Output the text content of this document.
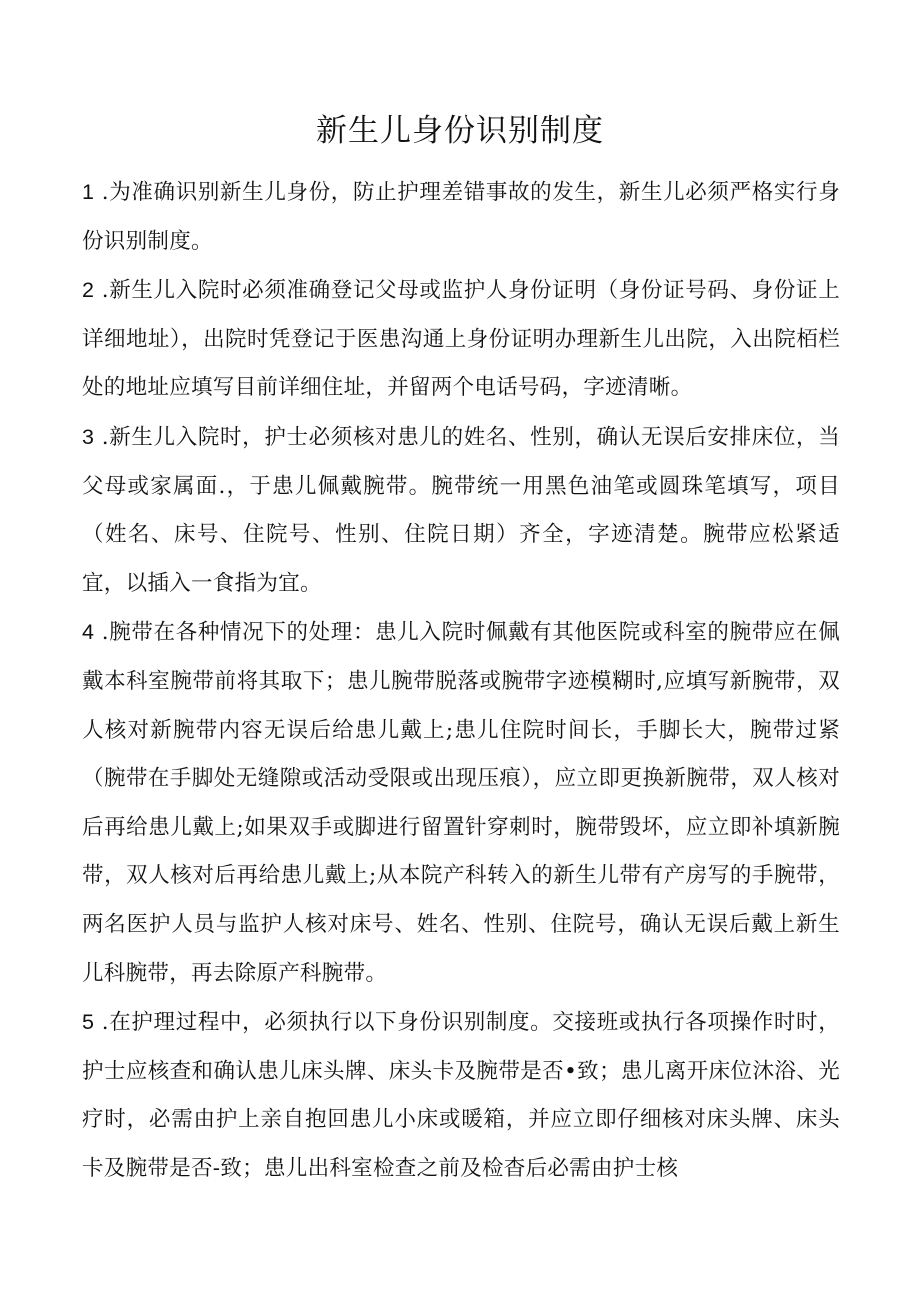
新生儿身份识别制度

1 .为准确识别新生儿身份，防止护理差错事故的发生，新生儿必须严格实行身份识别制度。

2 .新生儿入院时必须准确登记父母或监护人身份证明（身份证号码、身份证上详细地址），出院时凭登记于医患沟通上身份证明办理新生儿出院，入出院栢栏处的地址应填写目前详细住址，并留两个电话号码，字迹清晰。

3 .新生儿入院时，护士必须核对患儿的姓名、性别，确认无误后安排床位，当父母或家属面.，于患儿佩戴腕带。腕带统一用黑色油笔或圆珠笔填写，项目（姓名、床号、住院号、性别、住院日期）齐全，字迹清楚。腕带应松紧适宜，以插入一食指为宜。

4 .腕带在各种情况下的处理：患儿入院时佩戴有其他医院或科室的腕带应在佩戴本科室腕带前将其取下；患儿腕带脱落或腕带字迹模糊时,应填写新腕带，双人核对新腕带内容无误后给患儿戴上;患儿住院时间长，手脚长大，腕带过紧（腕带在手脚处无缝隙或活动受限或出现压痕），应立即更换新腕带，双人核对后再给患儿戴上;如果双手或脚进行留置针穿刺时，腕带毁坏，应立即补填新腕带，双人核对后再给患儿戴上;从本院产科转入的新生儿带有产房写的手腕带，两名医护人员与监护人核对床号、姓名、性别、住院号，确认无误后戴上新生儿科腕带，再去除原产科腕带。

5 .在护理过程中，必须执行以下身份识别制度。交接班或执行各项操作时时，护士应核查和确认患儿床头牌、床头卡及腕带是否•致；患儿离开床位沐浴、光疗时，必需由护上亲自抱回患儿小床或暖箱，并应立即仔细核对床头牌、床头卡及腕带是否-致；患儿出科室检查之前及检杳后必需由护士核
